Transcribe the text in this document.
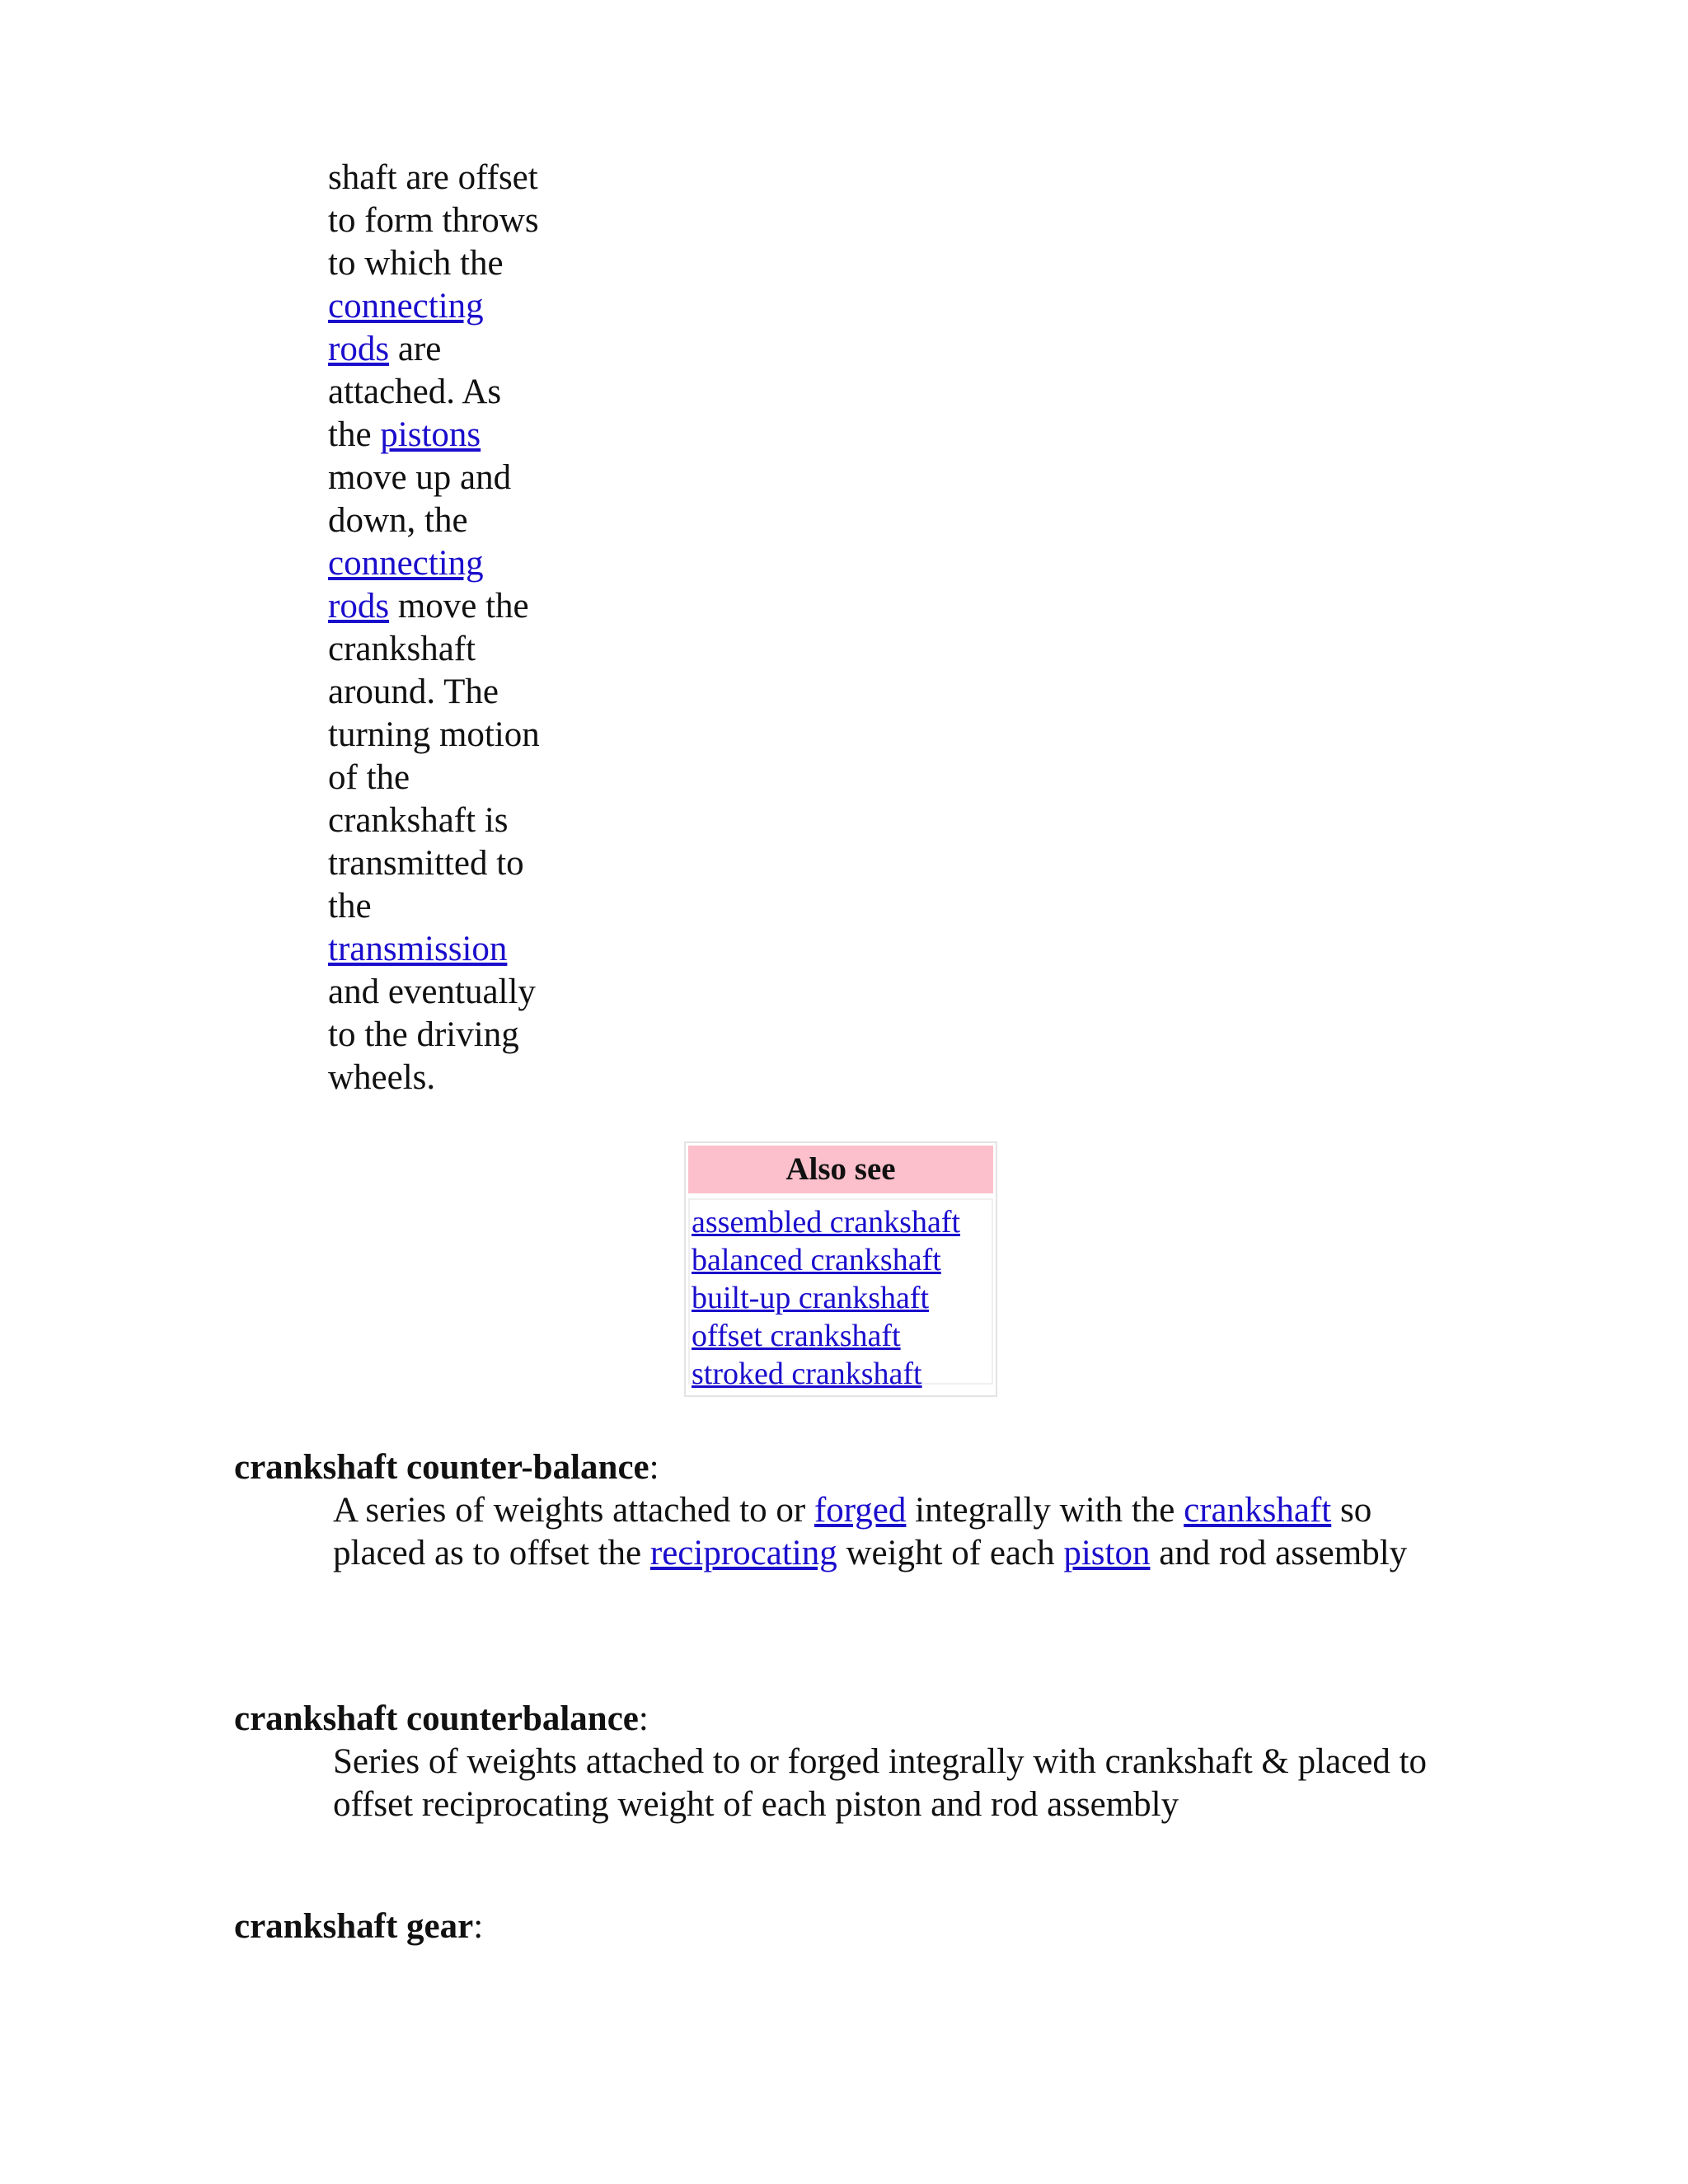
shaft are offset
to form throws
to which the
connecting
rods are
attached. As
the pistons
move up and
down, the
connecting
rods move the
crankshaft
around. The
turning motion
of the
crankshaft is
transmitted to
the
transmission
and eventually
to the driving
wheels.
Also see
assembled crankshaft
balanced crankshaft
built-up crankshaft
offset crankshaft
stroked crankshaft
crankshaft counter-balance:
A series of weights attached to or forged integrally with the crankshaft so placed as to offset the reciprocating weight of each piston and rod assembly
crankshaft counterbalance:
Series of weights attached to or forged integrally with crankshaft & placed to offset reciprocating weight of each piston and rod assembly
crankshaft gear:
